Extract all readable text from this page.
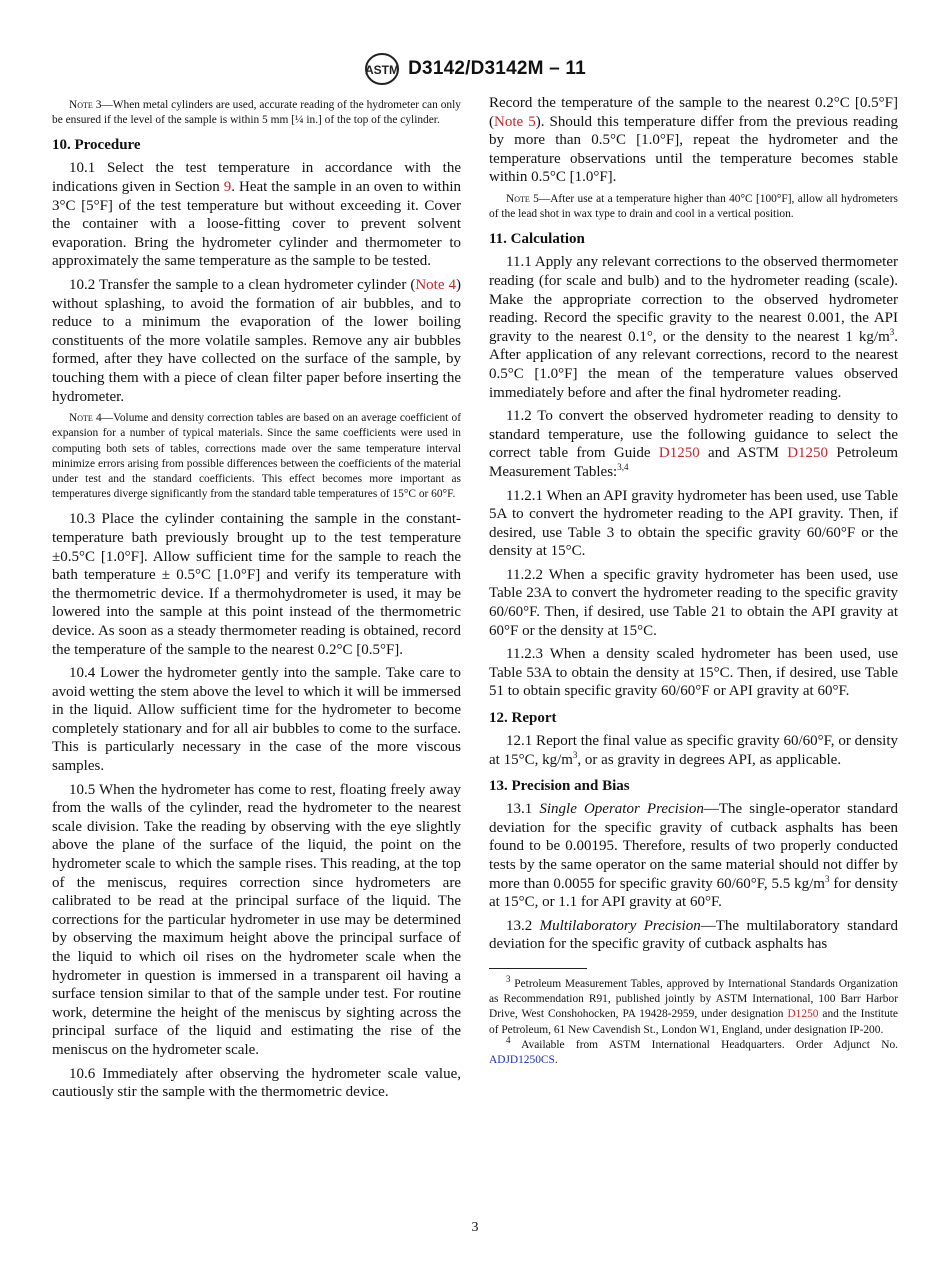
ASTM D3142/D3142M – 11

Note 3—When metal cylinders are used, accurate reading of the hydrometer can only be ensured if the level of the sample is within 5 mm [¼ in.] of the top of the cylinder.

10. Procedure

10.1 Select the test temperature in accordance with the indications given in Section 9. Heat the sample in an oven to within 3°C [5°F] of the test temperature but without exceeding it. Cover the container with a loose-fitting cover to prevent solvent evaporation. Bring the hydrometer cylinder and thermometer to approximately the same temperature as the sample to be tested.

10.2 Transfer the sample to a clean hydrometer cylinder (Note 4) without splashing, to avoid the formation of air bubbles, and to reduce to a minimum the evaporation of the lower boiling constituents of the more volatile samples. Remove any air bubbles formed, after they have collected on the surface of the sample, by touching them with a piece of clean filter paper before inserting the hydrometer.

Note 4—Volume and density correction tables are based on an average coefficient of expansion for a number of typical materials. Since the same coefficients were used in computing both sets of tables, corrections made over the same temperature interval minimize errors arising from possible differences between the coefficients of the material under test and the standard coefficients. This effect becomes more important as temperatures diverge significantly from the standard table temperatures of 15°C or 60°F.

10.3 Place the cylinder containing the sample in the constant-temperature bath previously brought up to the test temperature ±0.5°C [1.0°F]. Allow sufficient time for the sample to reach the bath temperature ± 0.5°C [1.0°F] and verify its temperature with the thermometric device. If a thermohydrometer is used, it may be lowered into the sample at this point instead of the thermometric device. As soon as a steady thermometer reading is obtained, record the temperature of the sample to the nearest 0.2°C [0.5°F].

10.4 Lower the hydrometer gently into the sample. Take care to avoid wetting the stem above the level to which it will be immersed in the liquid. Allow sufficient time for the hydrometer to become completely stationary and for all air bubbles to come to the surface. This is particularly necessary in the case of the more viscous samples.

10.5 When the hydrometer has come to rest, floating freely away from the walls of the cylinder, read the hydrometer to the nearest scale division. Take the reading by observing with the eye slightly above the plane of the surface of the liquid, the point on the hydrometer scale to which the sample rises. This reading, at the top of the meniscus, requires correction since hydrometers are calibrated to be read at the principal surface of the liquid. The corrections for the particular hydrometer in use may be determined by observing the maximum height above the principal surface of the liquid to which oil rises on the hydrometer scale when the hydrometer in question is immersed in a transparent oil having a surface tension similar to that of the sample under test. For routine work, determine the height of the meniscus by sighting across the principal surface of the liquid and estimating the rise of the meniscus on the hydrometer scale.

10.6 Immediately after observing the hydrometer scale value, cautiously stir the sample with the thermometric device.

Record the temperature of the sample to the nearest 0.2°C [0.5°F] (Note 5). Should this temperature differ from the previous reading by more than 0.5°C [1.0°F], repeat the hydrometer and the temperature observations until the temperature becomes stable within 0.5°C [1.0°F].

Note 5—After use at a temperature higher than 40°C [100°F], allow all hydrometers of the lead shot in wax type to drain and cool in a vertical position.

11. Calculation

11.1 Apply any relevant corrections to the observed thermometer reading (for scale and bulb) and to the hydrometer reading (scale). Make the appropriate correction to the observed hydrometer reading. Record the specific gravity to the nearest 0.001, the API gravity to the nearest 0.1°, or the density to the nearest 1 $kg/m^3$. After application of any relevant corrections, record to the nearest 0.5°C [1.0°F] the mean of the temperature values observed immediately before and after the final hydrometer reading.

11.2 To convert the observed hydrometer reading to density to standard temperature, use the following guidance to select the correct table from Guide D1250 and ASTM D1250 Petroleum Measurement Tables:$^{3,4}$

11.2.1 When an API gravity hydrometer has been used, use Table 5A to convert the hydrometer reading to the API gravity. Then, if desired, use Table 3 to obtain the specific gravity 60/60°F or the density at 15°C.

11.2.2 When a specific gravity hydrometer has been used, use Table 23A to convert the hydrometer reading to the specific gravity 60/60°F. Then, if desired, use Table 21 to obtain the API gravity at 60°F or the density at 15°C.

11.2.3 When a density scaled hydrometer has been used, use Table 53A to obtain the density at 15°C. Then, if desired, use Table 51 to obtain specific gravity 60/60°F or API gravity at 60°F.

12. Report

12.1 Report the final value as specific gravity 60/60°F, or density at 15°C, $kg/m^3$, or as gravity in degrees API, as applicable.

13. Precision and Bias

13.1 Single Operator Precision—The single-operator standard deviation for the specific gravity of cutback asphalts has been found to be 0.00195. Therefore, results of two properly conducted tests by the same operator on the same material should not differ by more than 0.0055 for specific gravity 60/60°F, 5.5 $kg/m^3$ for density at 15°C, or 1.1 for API gravity at 60°F.

13.2 Multilaboratory Precision—The multilaboratory standard deviation for the specific gravity of cutback asphalts has

$^3$ Petroleum Measurement Tables, approved by International Standards Organization as Recommendation R91, published jointly by ASTM International, 100 Barr Harbor Drive, West Conshohocken, PA 19428-2959, under designation D1250 and the Institute of Petroleum, 61 New Cavendish St., London W1, England, under designation IP-200.

$^4$ Available from ASTM International Headquarters. Order Adjunct No. ADJD1250CS.

3
